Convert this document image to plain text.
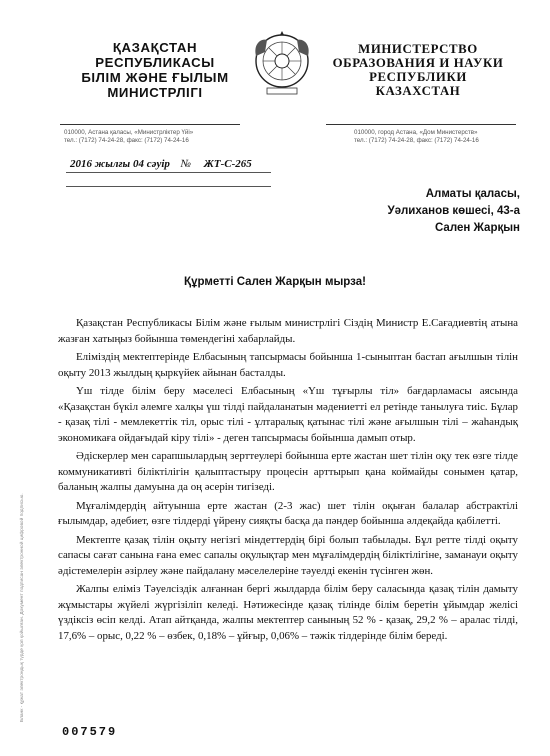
ҚАЗАҚСТАН
РЕСПУБЛИКАСЫ
БІЛІМ ЖӘНЕ ҒЫЛЫМ
МИНИСТРЛІГІ
МИНИСТЕРСТВО
ОБРАЗОВАНИЯ И НАУКИ
РЕСПУБЛИКИ
КАЗАХСТАН
010000, Астана қаласы, «Министрліктер Үйі»
тел.: (7172) 74-24-28, факс: (7172) 74-24-16
010000, город Астана, «Дом Министерств»
тел.: (7172) 74-24-28, факс: (7172) 74-24-16
2016 жылғы 04 сәуір № ЖТ-С-265
Алматы қаласы,
Уәлиханов көшесі, 43-а
Сален Жарқын
Құрметті Сален Жарқын мырза!

Қазақстан Республикасы Білім және ғылым министрлігі Сіздің Министр Е.Сағадиевтің атына жазған хатыңыз бойынша төмендегіні хабарлайды.

Еліміздің мектептерінде Елбасының тапсырмасы бойынша 1-сыныптан бастап ағылшын тілін оқыту 2013 жылдың қыркүйек айынан басталды.

Үш тілде білім беру мәселесі Елбасының «Үш тұғырлы тіл» бағдарламасы аясында «Қазақстан бүкіл әлемге халқы үш тілді пайдаланатын мәдениетті ел ретінде танылуға тиіс. Бұлар - қазақ тілі - мемлекеттік тіл, орыс тілі - ұлтаралық қатынас тілі және ағылшын тілі – жаһандық экономикаға ойдағыдай кіру тілі» - деген тапсырмасы бойынша дамып отыр.

Әдіскерлер мен сарапшылардың зерттеулері бойынша ерте жастан шет тілін оқу тек өзге тілде коммуникативті біліктілігін қалыптастыру процесін арттырып қана коймайды сонымен қатар, баланың жалпы дамуына да оң әсерін тигізеді.

Мұғалімдердің айтуынша ерте жастан (2-3 жас) шет тілін оқыған балалар абстрактілі ғылымдар, әдебиет, өзге тілдерді үйрену сияқты басқа да пәндер бойынша әлдеқайда қабілетті.

Мектепте қазақ тілін оқыту негізгі міндеттердің бірі болып табылады. Бұл ретте тілді оқыту сапасы сағат санына ғана емес сапалы оқулықтар мен мұғалімдердің біліктілігіне, заманауи оқыту әдістемелерін әзірлеу және пайдалану мәселелеріне тәуелді екенін түсінген жөн.

Жалпы еліміз Тәуелсіздік алғаннан бергі жылдарда білім беру саласында қазақ тілін дамыту жұмыстары жүйелі жүргізіліп келеді. Нәтижесінде қазақ тілінде білім беретін ұйымдар желісі үздіксіз өсіп келді. Атап айтқанда, жалпы мектептер санының 52 % - қазақ, 29,2 % – аралас тілді, 17,6% – орыс, 0,22 % – өзбек, 0,18% – ұйғыр, 0,06% – тәжік тілдерінде білім береді.

Бланк - құжат электрондық түрде қол қойылған. Документ подписан электронной цифровой подписью.
007579
